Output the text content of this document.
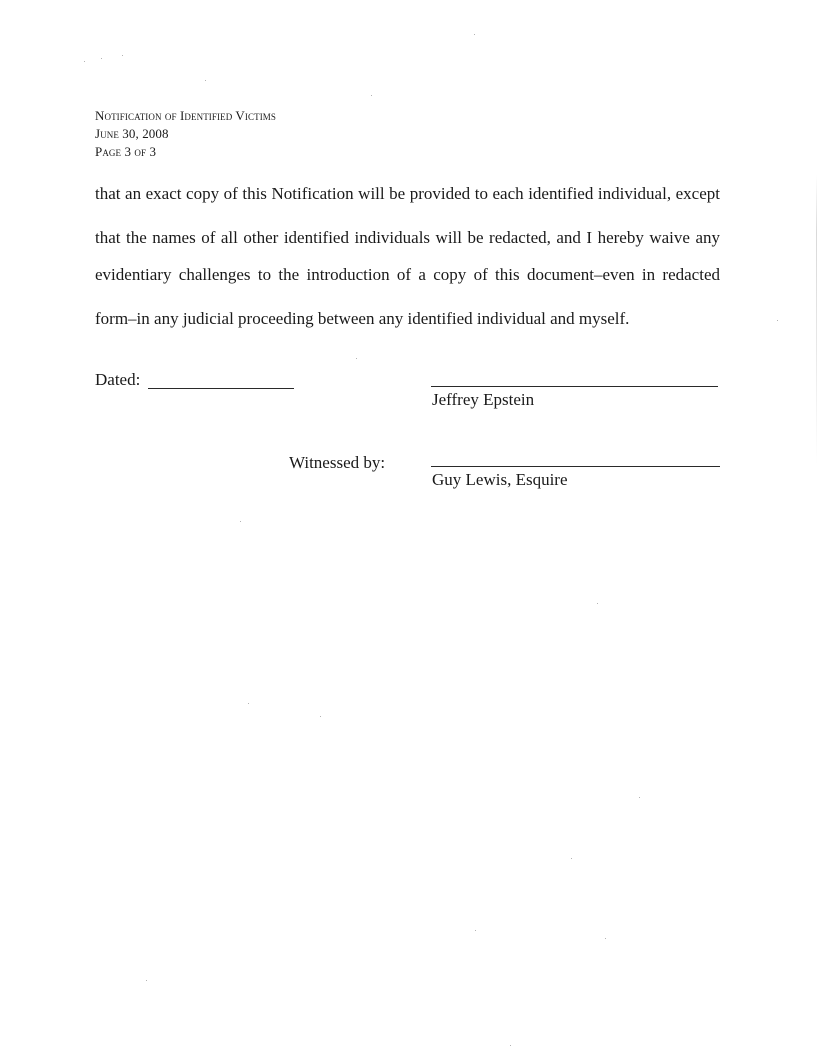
Notification of Identified Victims
June 30, 2008
Page 3 of 3
that an exact copy of this Notification will be provided to each identified individual, except
that the names of all other identified individuals will be redacted, and I hereby waive any
evidentiary challenges to the introduction of a copy of this document–even in redacted
form–in any judicial proceeding between any identified individual and myself.
Dated:
Jeffrey Epstein
Witnessed by:
Guy Lewis, Esquire
